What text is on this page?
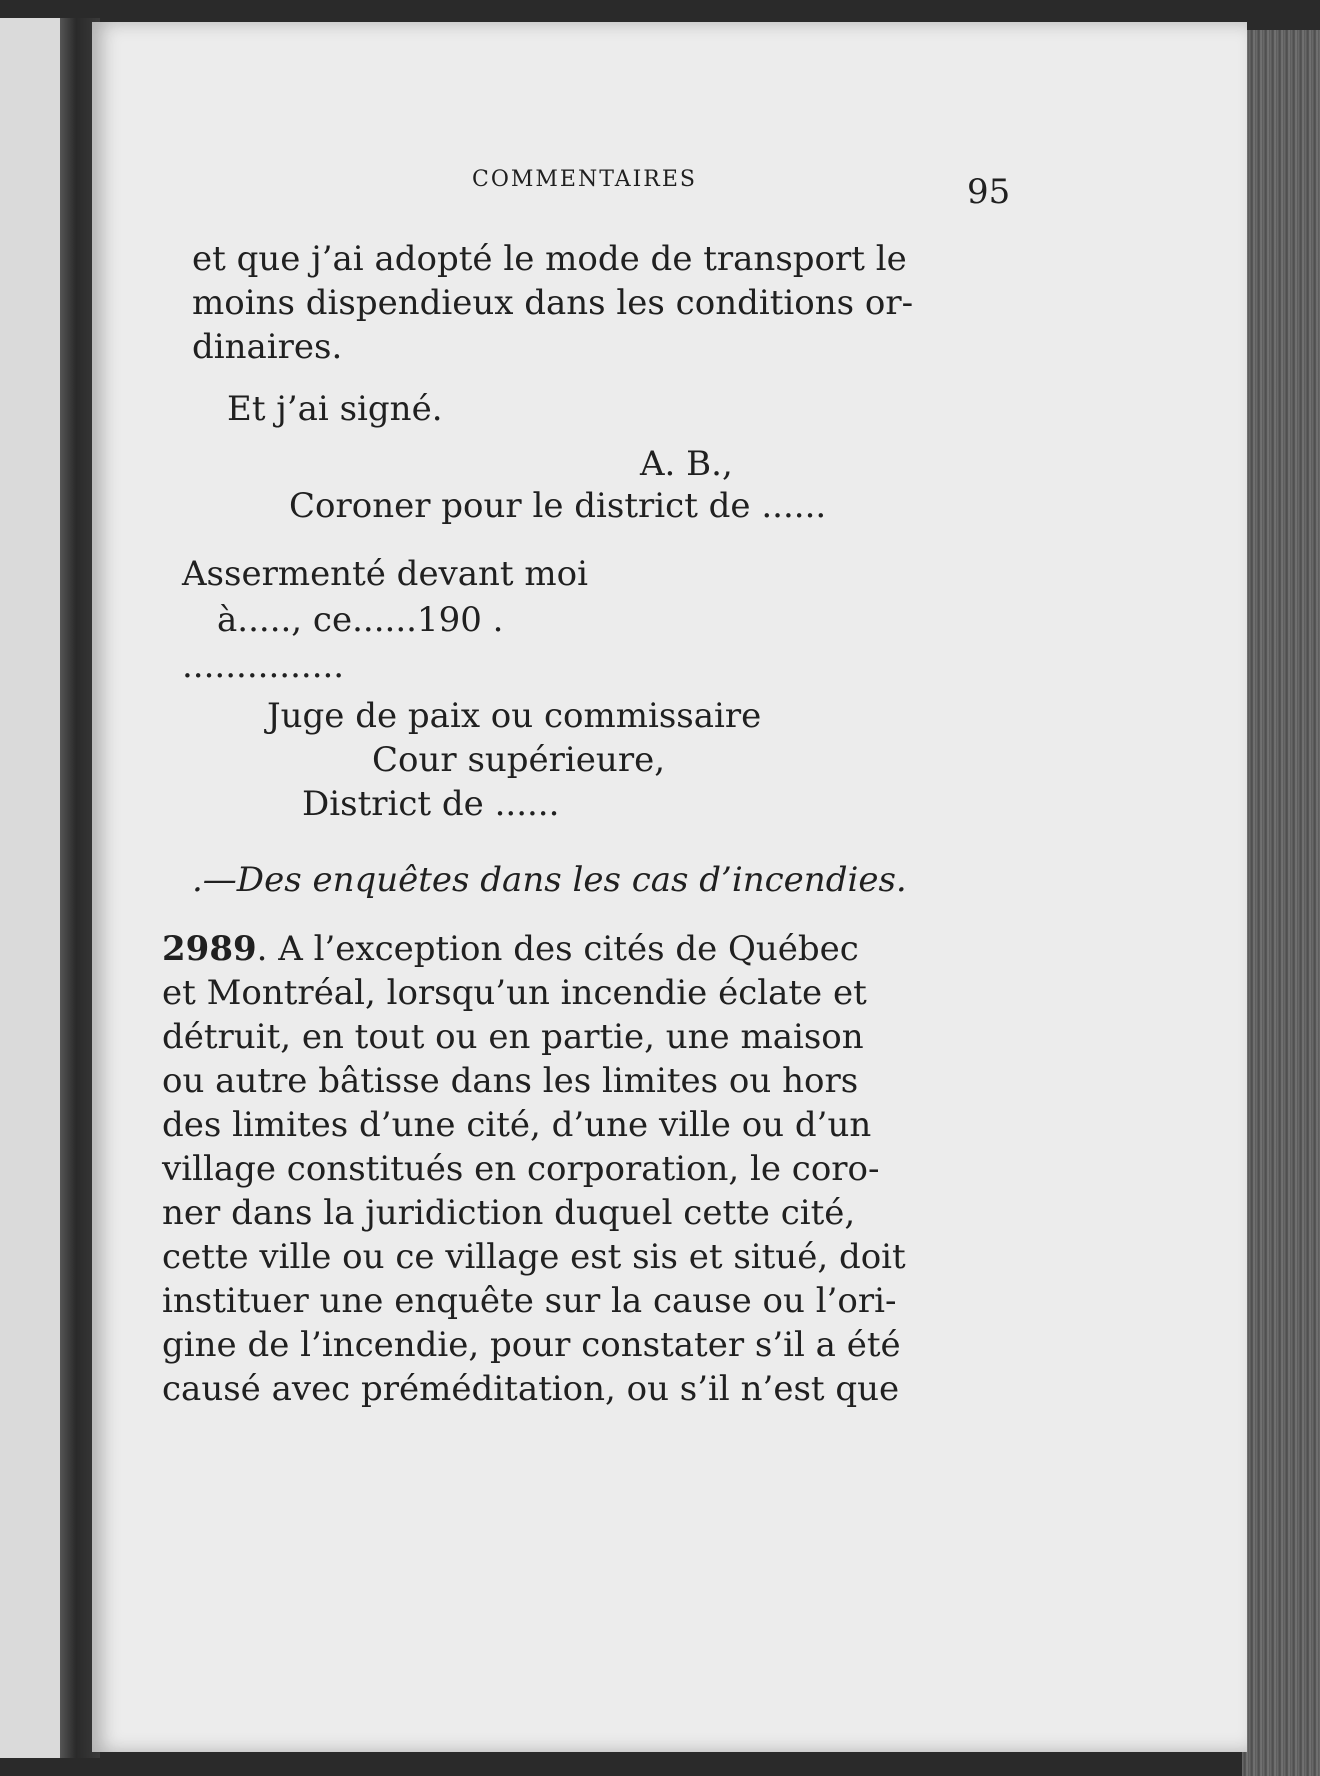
COMMENTAIRES	95
et que j’ai adopté le mode de transport le
moins dispendieux dans les conditions or-
dinaires.
Et j’ai signé.
A. B.,
Coroner pour le district de ......
Assermenté devant moi
à....., ce......190 .
...............
Juge de paix ou commissaire
Cour supérieure,
District de ......
.—Des enquêtes dans les cas d’incendies.
2989. A l’exception des cités de Québec
et Montréal, lorsqu’un incendie éclate et
détruit, en tout ou en partie, une maison
ou autre bâtisse dans les limites ou hors
des limites d’une cité, d’une ville ou d’un
village constitués en corporation, le coro-
ner dans la juridiction duquel cette cité,
cette ville ou ce village est sis et situé, doit
instituer une enquête sur la cause ou l’ori-
gine de l’incendie, pour constater s’il a été
causé avec préméditation, ou s’il n’est que
